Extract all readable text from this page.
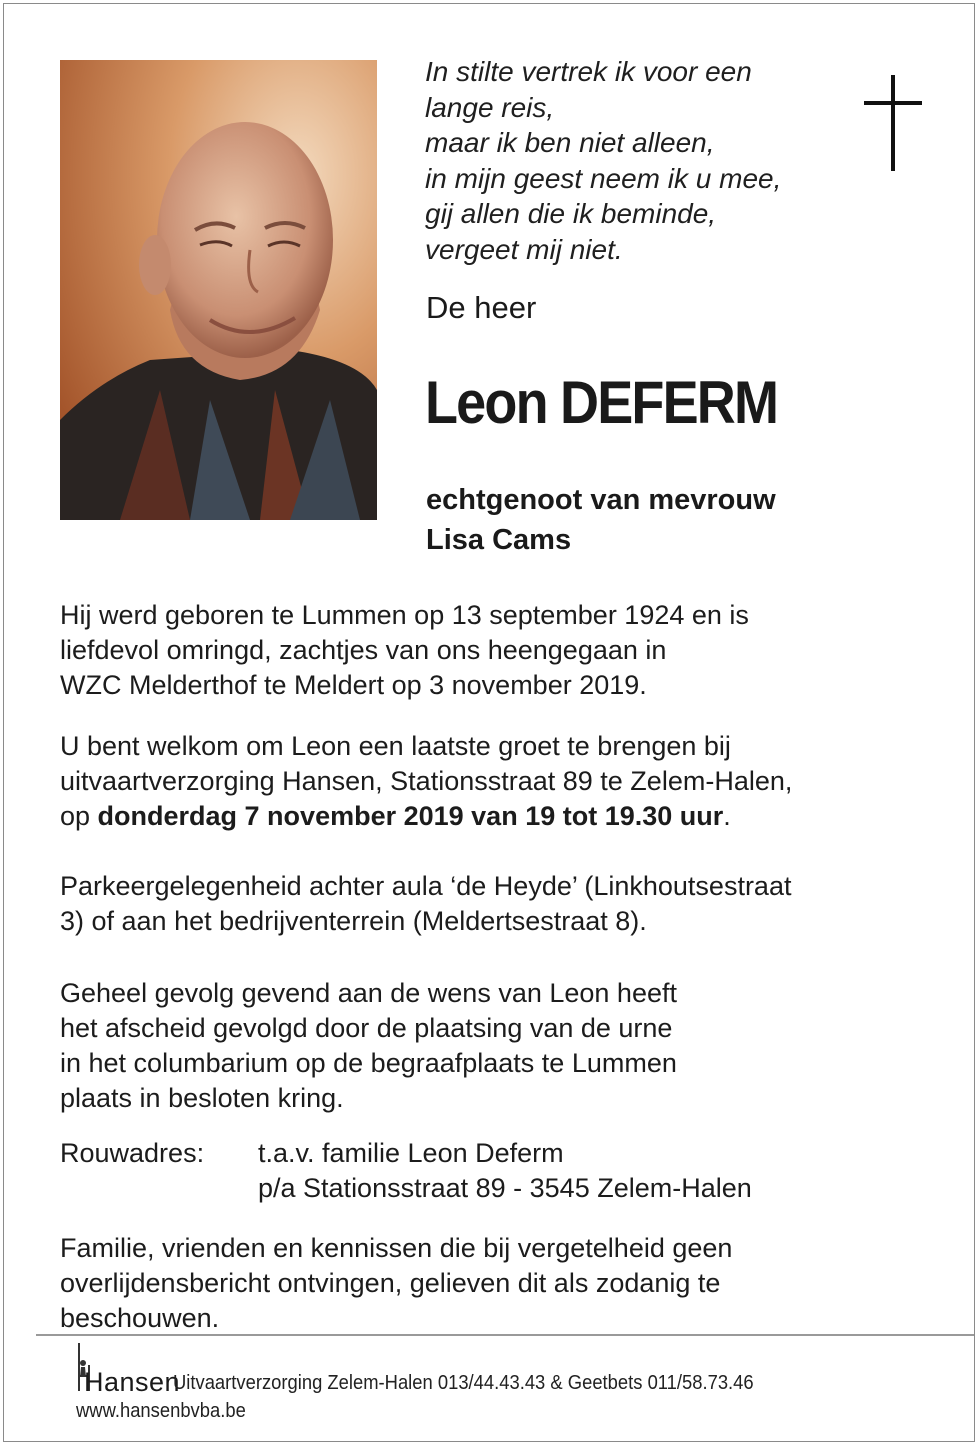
In stilte vertrek ik voor een
lange reis,
maar ik ben niet alleen,
in mijn geest neem ik u mee,
gij allen die ik beminde,
vergeet mij niet.
De heer
Leon DEFERM
echtgenoot van mevrouw
Lisa Cams
Hij werd geboren te Lummen op 13 september 1924 en is
liefdevol omringd, zachtjes van ons heengegaan in
WZC Melderthof te Meldert op 3 november 2019.
U bent welkom om Leon een laatste groet te brengen bij
uitvaartverzorging Hansen, Stationsstraat 89 te Zelem-Halen,
op donderdag 7 november 2019 van 19 tot 19.30 uur.
Parkeergelegenheid achter aula ‘de Heyde’ (Linkhoutsestraat
3) of aan het bedrijventerrein (Meldertsestraat 8).
Geheel gevolg gevend aan de wens van Leon heeft
het afscheid gevolgd door de plaatsing van de urne
in het columbarium op de begraafplaats te Lummen
plaats in besloten kring.
Rouwadres: t.a.v. familie Leon Deferm
p/a Stationsstraat 89 - 3545 Zelem-Halen
Familie, vrienden en kennissen die bij vergetelheid geen
overlijdensbericht ontvingen, gelieven dit als zodanig te
beschouwen.
Hansen
Uitvaartverzorging Zelem-Halen 013/44.43.43 & Geetbets 011/58.73.46
www.hansenbvba.be
